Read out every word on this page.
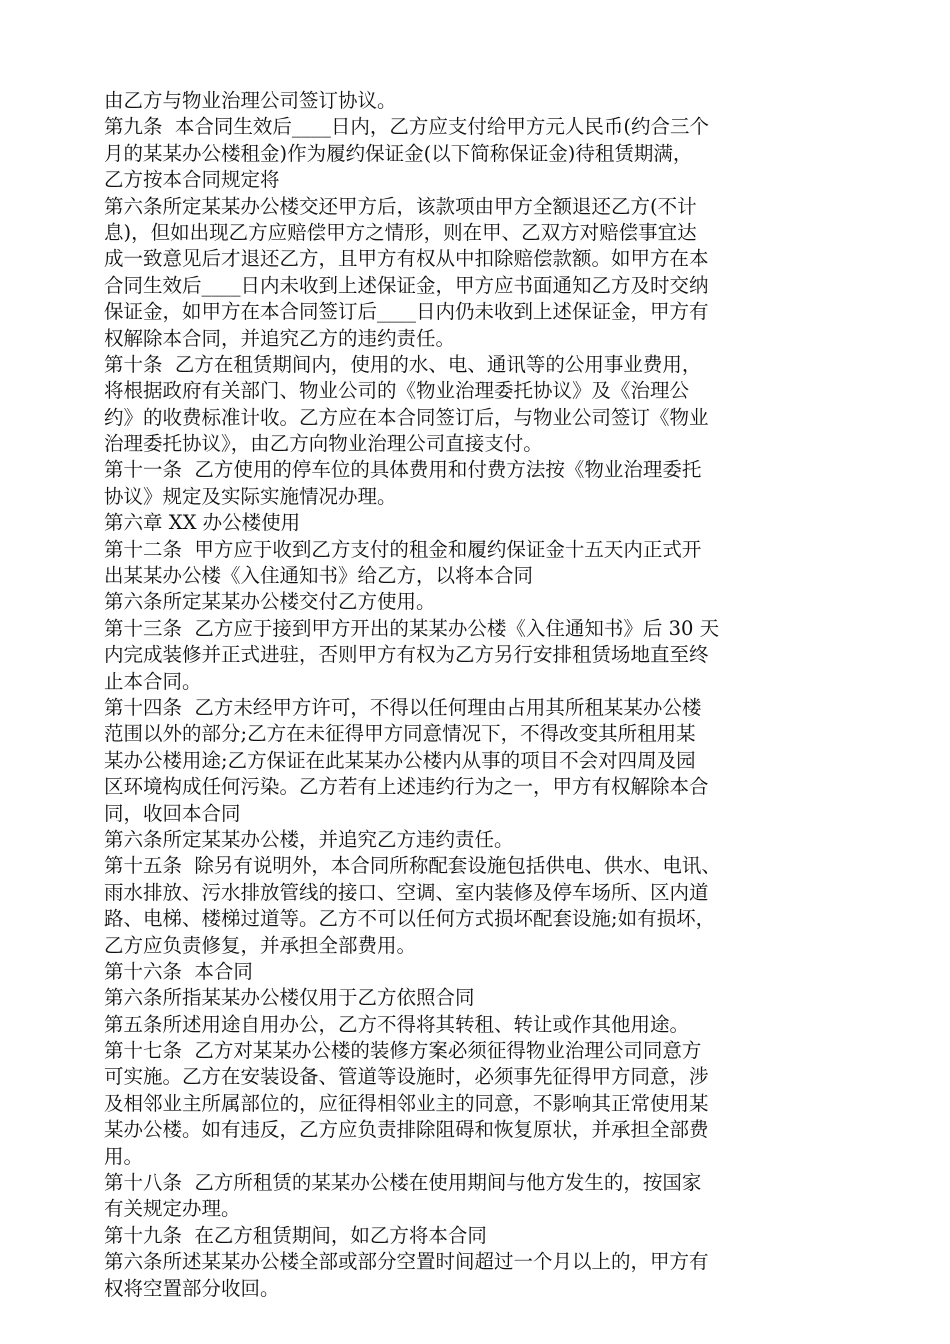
由乙方与物业治理公司签订协议。
第九条  本合同生效后____日内，乙方应支付给甲方元人民币(约合三个
月的某某办公楼租金)作为履约保证金(以下简称保证金)待租赁期满，
乙方按本合同规定将
第六条所定某某办公楼交还甲方后，该款项由甲方全额退还乙方(不计
息)，但如出现乙方应赔偿甲方之情形，则在甲、乙双方对赔偿事宜达
成一致意见后才退还乙方，且甲方有权从中扣除赔偿款额。如甲方在本
合同生效后____日内未收到上述保证金，甲方应书面通知乙方及时交纳
保证金，如甲方在本合同签订后____日内仍未收到上述保证金，甲方有
权解除本合同，并追究乙方的违约责任。
第十条  乙方在租赁期间内，使用的水、电、通讯等的公用事业费用，
将根据政府有关部门、物业公司的《物业治理委托协议》及《治理公
约》的收费标准计收。乙方应在本合同签订后，与物业公司签订《物业
治理委托协议》，由乙方向物业治理公司直接支付。
第十一条  乙方使用的停车位的具体费用和付费方法按《物业治理委托
协议》规定及实际实施情况办理。
第六章 XX 办公楼使用
第十二条  甲方应于收到乙方支付的租金和履约保证金十五天内正式开
出某某办公楼《入住通知书》给乙方，以将本合同
第六条所定某某办公楼交付乙方使用。
第十三条  乙方应于接到甲方开出的某某办公楼《入住通知书》后 30 天
内完成装修并正式进驻，否则甲方有权为乙方另行安排租赁场地直至终
止本合同。
第十四条  乙方未经甲方许可，不得以任何理由占用其所租某某办公楼
范围以外的部分;乙方在未征得甲方同意情况下，不得改变其所租用某
某办公楼用途;乙方保证在此某某办公楼内从事的项目不会对四周及园
区环境构成任何污染。乙方若有上述违约行为之一，甲方有权解除本合
同，收回本合同
第六条所定某某办公楼，并追究乙方违约责任。
第十五条  除另有说明外，本合同所称配套设施包括供电、供水、电讯、
雨水排放、污水排放管线的接口、空调、室内装修及停车场所、区内道
路、电梯、楼梯过道等。乙方不可以任何方式损坏配套设施;如有损坏，
乙方应负责修复，并承担全部费用。
第十六条  本合同
第六条所指某某办公楼仅用于乙方依照合同
第五条所述用途自用办公，乙方不得将其转租、转让或作其他用途。
第十七条  乙方对某某办公楼的装修方案必须征得物业治理公司同意方
可实施。乙方在安装设备、管道等设施时，必须事先征得甲方同意，涉
及相邻业主所属部位的，应征得相邻业主的同意，不影响其正常使用某
某办公楼。如有违反，乙方应负责排除阻碍和恢复原状，并承担全部费
用。
第十八条  乙方所租赁的某某办公楼在使用期间与他方发生的，按国家
有关规定办理。
第十九条  在乙方租赁期间，如乙方将本合同
第六条所述某某办公楼全部或部分空置时间超过一个月以上的，甲方有
权将空置部分收回。
